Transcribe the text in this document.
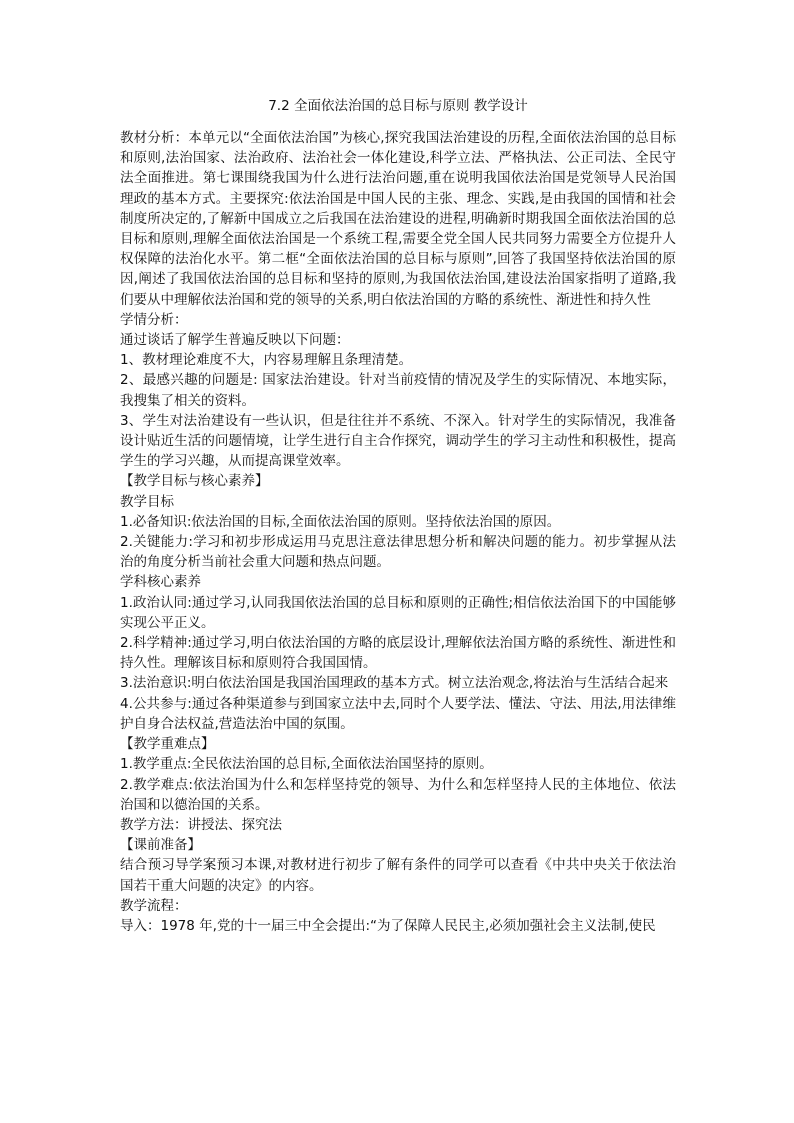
7.2 全面依法治国的总目标与原则 教学设计

教材分析：本单元以“全面依法治国”为核心,探究我国法治建设的历程,全面依法治国的总目标和原则,法治国家、法治政府、法治社会一体化建设,科学立法、严格执法、公正司法、全民守法全面推进。第七课围绕我国为什么进行法治问题,重在说明我国依法治国是党领导人民治国理政的基本方式。主要探究:依法治国是中国人民的主张、理念、实践,是由我国的国情和社会制度所决定的,了解新中国成立之后我国在法治建设的进程,明确新时期我国全面依法治国的总目标和原则,理解全面依法治国是一个系统工程,需要全党全国人民共同努力需要全方位提升人权保障的法治化水平。第二框“全面依法治国的总目标与原则”,回答了我国坚持依法治国的原因,阐述了我国依法治国的总目标和坚持的原则,为我国依法治国,建设法治国家指明了道路,我们要从中理解依法治国和党的领导的关系,明白依法治国的方略的系统性、渐进性和持久性

学情分析：

通过谈话了解学生普遍反映以下问题：

1、教材理论难度不大，内容易理解且条理清楚。

2、最感兴趣的问题是: 国家法治建设。针对当前疫情的情况及学生的实际情况、本地实际，我搜集了相关的资料。

3、学生对法治建设有一些认识，但是往往并不系统、不深入。针对学生的实际情况，我准备设计贴近生活的问题情境，让学生进行自主合作探究，调动学生的学习主动性和积极性，提高学生的学习兴趣，从而提高课堂效率。

【教学目标与核心素养】

教学目标

1.必备知识:依法治国的目标,全面依法治国的原则。坚持依法治国的原因。

2.关键能力:学习和初步形成运用马克思注意法律思想分析和解决问题的能力。初步掌握从法治的角度分析当前社会重大问题和热点问题。

学科核心素养

1.政治认同:通过学习,认同我国依法治国的总目标和原则的正确性;相信依法治国下的中国能够实现公平正义。

2.科学精神:通过学习,明白依法治国的方略的底层设计,理解依法治国方略的系统性、渐进性和持久性。理解该目标和原则符合我国国情。

3.法治意识:明白依法治国是我国治国理政的基本方式。树立法治观念,将法治与生活结合起来

4.公共参与:通过各种渠道参与到国家立法中去,同时个人要学法、懂法、守法、用法,用法律维护自身合法权益,营造法治中国的氛围。

【教学重难点】

1.教学重点:全民依法治国的总目标,全面依法治国坚持的原则。

2.教学难点:依法治国为什么和怎样坚持党的领导、为什么和怎样坚持人民的主体地位、依法治国和以德治国的关系。

教学方法：讲授法、探究法

【课前准备】

结合预习导学案预习本课,对教材进行初步了解有条件的同学可以查看《中共中央关于依法治国若干重大问题的决定》的内容。

教学流程：

导入：1978 年,党的十一届三中全会提出:“为了保障人民民主,必须加强社会主义法制,使民
